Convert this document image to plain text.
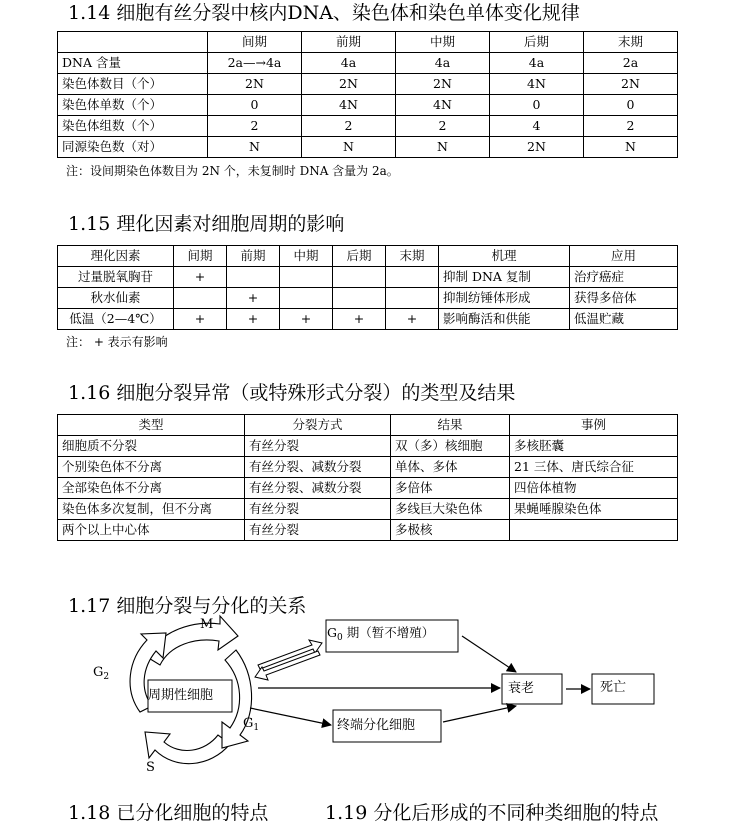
1.14 细胞有丝分裂中核内DNA、染色体和染色单体变化规律
	间期	前期	中期	后期	末期
DNA 含量	2a—→4a	4a	4a	4a	2a
染色体数目（个）	2N	2N	2N	4N	2N
染色体单数（个）	0	4N	4N	0	0
染色体组数（个）	2	2	2	4	2
同源染色数（对）	N	N	N	2N	N
注：设间期染色体数目为 2N 个，未复制时 DNA 含量为 2a。
1.15 理化因素对细胞周期的影响
理化因素	间期	前期	中期	后期	末期	机理	应用
过量脱氧胸苷	+					抑制 DNA 复制	治疗癌症
秋水仙素		+				抑制纺锤体形成	获得多倍体
低温（2—4℃）	+	+	+	+	+	影响酶活和供能	低温贮藏
注： + 表示有影响
1.16 细胞分裂异常（或特殊形式分裂）的类型及结果
类型	分裂方式	结果	事例
细胞质不分裂	有丝分裂	双（多）核细胞	多核胚囊
个别染色体不分离	有丝分裂、减数分裂	单体、多体	21 三体、唐氏综合征
全部染色体不分离	有丝分裂、减数分裂	多倍体	四倍体植物
染色体多次复制，但不分离	有丝分裂	多线巨大染色体	果蝇唾腺染色体
两个以上中心体	有丝分裂	多极核	
1.17 细胞分裂与分化的关系
M
$G_2$
$G_1$
S
周期性细胞
$G_0$ 期（暂不增殖）
衰老	死亡
终端分化细胞
1.18 已分化细胞的特点	1.19 分化后形成的不同种类细胞的特点
